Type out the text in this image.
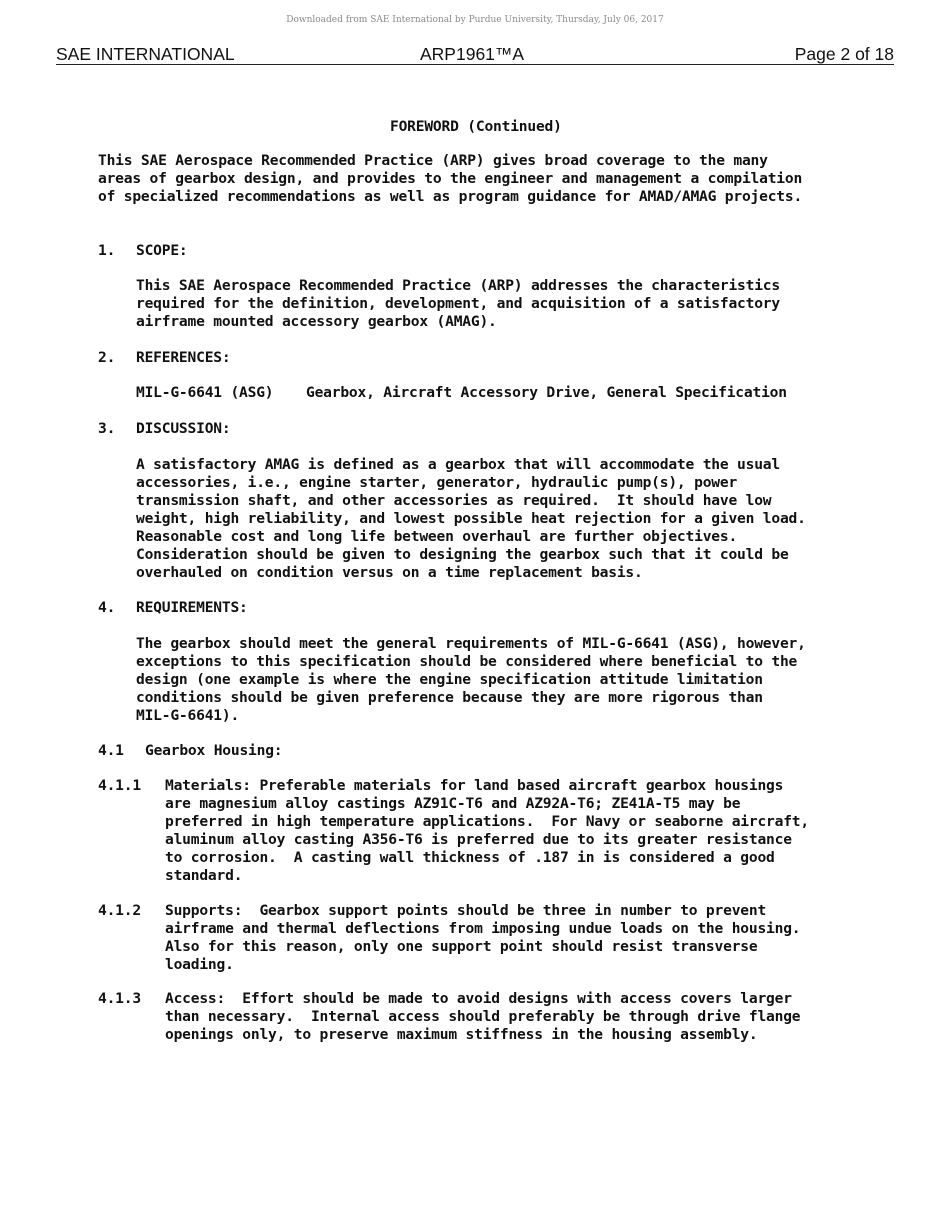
Downloaded from SAE International by Purdue University, Thursday, July 06, 2017
SAE INTERNATIONAL	ARP1961™A	Page 2 of 18
FOREWORD (Continued)
This SAE Aerospace Recommended Practice (ARP) gives broad coverage to the many
areas of gearbox design, and provides to the engineer and management a compilation
of specialized recommendations as well as program guidance for AMAD/AMAG projects.
1. SCOPE:
This SAE Aerospace Recommended Practice (ARP) addresses the characteristics
required for the definition, development, and acquisition of a satisfactory
airframe mounted accessory gearbox (AMAG).
2. REFERENCES:
MIL-G-6641 (ASG) Gearbox, Aircraft Accessory Drive, General Specification
3. DISCUSSION:
A satisfactory AMAG is defined as a gearbox that will accommodate the usual
accessories, i.e., engine starter, generator, hydraulic pump(s), power
transmission shaft, and other accessories as required.  It should have low
weight, high reliability, and lowest possible heat rejection for a given load.
Reasonable cost and long life between overhaul are further objectives.
Consideration should be given to designing the gearbox such that it could be
overhauled on condition versus on a time replacement basis.
4. REQUIREMENTS:
The gearbox should meet the general requirements of MIL-G-6641 (ASG), however,
exceptions to this specification should be considered where beneficial to the
design (one example is where the engine specification attitude limitation
conditions should be given preference because they are more rigorous than
MIL-G-6641).
4.1 Gearbox Housing:
4.1.1 Materials: Preferable materials for land based aircraft gearbox housings
are magnesium alloy castings AZ91C-T6 and AZ92A-T6; ZE41A-T5 may be
preferred in high temperature applications.  For Navy or seaborne aircraft,
aluminum alloy casting A356-T6 is preferred due to its greater resistance
to corrosion.  A casting wall thickness of .187 in is considered a good
standard.
4.1.2 Supports:  Gearbox support points should be three in number to prevent
airframe and thermal deflections from imposing undue loads on the housing.
Also for this reason, only one support point should resist transverse
loading.
4.1.3 Access:  Effort should be made to avoid designs with access covers larger
than necessary.  Internal access should preferably be through drive flange
openings only, to preserve maximum stiffness in the housing assembly.
